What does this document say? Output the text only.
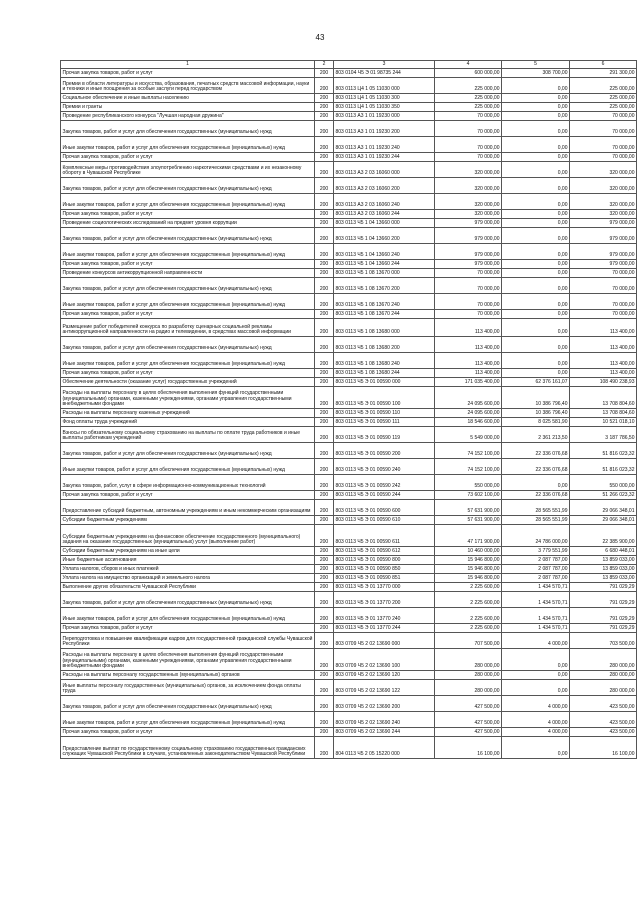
43
1	2	3	4	5	6
Прочая закупка товаров, работ и услуг	200	803 0104 Ч5 Э 01 98735 244	600 000,00	308 700,00	291 300,00
Премии в области литературы и искусства, образования, печатных средств массовой информации, науки и техники и иные поощрения за особые заслуги перед государством	200	803 0113 Ц4 1 05 11030 000	225 000,00	0,00	225 000,00
Социальное обеспечение и иные выплаты населению	200	803 0113 Ц4 1 05 11030 300	225 000,00	0,00	225 000,00
Премии и гранты	200	803 0113 Ц4 1 05 11030 350	225 000,00	0,00	225 000,00
Проведение республиканского конкурса "Лучшая народная дружина"	200	803 0113 А3 1 01 19230 000	70 000,00	0,00	70 000,00
Закупка товаров, работ и услуг для обеспечения государственных (муниципальных) нужд	200	803 0113 А3 1 01 19230 200	70 000,00	0,00	70 000,00
Иные закупки товаров, работ и услуг для обеспечения государственных (муниципальных) нужд	200	803 0113 А3 1 01 19230 240	70 000,00	0,00	70 000,00
Прочая закупка товаров, работ и услуг	200	803 0113 А3 1 01 19230 244	70 000,00	0,00	70 000,00
Комплексные меры противодействия злоупотреблению наркотическими средствами и их незаконному обороту в Чувашской Республике	200	803 0113 А3 2 03 16060 000	320 000,00	0,00	320 000,00
Закупка товаров, работ и услуг для обеспечения государственных (муниципальных) нужд	200	803 0113 А3 2 03 16060 200	320 000,00	0,00	320 000,00
Иные закупки товаров, работ и услуг для обеспечения государственных (муниципальных) нужд	200	803 0113 А3 2 03 16060 240	320 000,00	0,00	320 000,00
Прочая закупка товаров, работ и услуг	200	803 0113 А3 2 03 16060 244	320 000,00	0,00	320 000,00
Проведение социологических исследований на предмет уровня коррупции	200	803 0113 Ч5 1 04 13660 000	979 000,00	0,00	979 000,00
Закупка товаров, работ и услуг для обеспечения государственных (муниципальных) нужд	200	803 0113 Ч5 1 04 13660 200	979 000,00	0,00	979 000,00
Иные закупки товаров, работ и услуг для обеспечения государственных (муниципальных) нужд	200	803 0113 Ч5 1 04 13660 240	979 000,00	0,00	979 000,00
Прочая закупка товаров, работ и услуг	200	803 0113 Ч5 1 04 13660 244	979 000,00	0,00	979 000,00
Проведение конкурсов антикоррупционной направленности	200	803 0113 Ч5 1 08 13670 000	70 000,00	0,00	70 000,00
Закупка товаров, работ и услуг для обеспечения государственных (муниципальных) нужд	200	803 0113 Ч5 1 08 13670 200	70 000,00	0,00	70 000,00
Иные закупки товаров, работ и услуг для обеспечения государственных (муниципальных) нужд	200	803 0113 Ч5 1 08 13670 240	70 000,00	0,00	70 000,00
Прочая закупка товаров, работ и услуг	200	803 0113 Ч5 1 08 13670 244	70 000,00	0,00	70 000,00
Размещение работ победителей конкурса по разработку сценарных социальной рекламы антикоррупционной направленности на радио и телевидении, в средствах массовой информации	200	803 0113 Ч5 1 08 13680 000	113 400,00	0,00	113 400,00
Закупка товаров, работ и услуг для обеспечения государственных (муниципальных) нужд	200	803 0113 Ч5 1 08 13680 200	113 400,00	0,00	113 400,00
Иные закупки товаров, работ и услуг для обеспечения государственных (муниципальных) нужд	200	803 0113 Ч5 1 08 13680 240	113 400,00	0,00	113 400,00
Прочая закупка товаров, работ и услуг	200	803 0113 Ч5 1 08 13680 244	113 400,00	0,00	113 400,00
Обеспечение деятельности (оказание услуг) государственных учреждений	200	803 0113 Ч5 Э 01 00590 000	171 035 400,00	62 376 161,07	108 490 238,93
Расходы на выплаты персоналу в целях обеспечения выполнения функций государственными (муниципальными) органами, казенными учреждениями, органами управления государственными внебюджетными фондами	200	803 0113 Ч5 Э 01 00590 100	24 095 600,00	10 386 796,40	13 708 804,60
Расходы на выплаты персоналу казенных учреждений	200	803 0113 Ч5 Э 01 00590 110	24 095 600,00	10 386 796,40	13 708 804,60
Фонд оплаты труда учреждений	200	803 0113 Ч5 Э 01 00590 111	18 546 600,00	8 025 581,90	10 521 018,10
Взносы по обязательному социальному страхованию на выплаты по оплате труда работников и иные выплаты работникам учреждений	200	803 0113 Ч5 Э 01 00590 119	5 549 000,00	2 361 213,50	3 187 786,50
Закупка товаров, работ и услуг для обеспечения государственных (муниципальных) нужд	200	803 0113 Ч5 Э 01 00590 200	74 152 100,00	22 336 076,68	51 816 023,32
Иные закупки товаров, работ и услуг для обеспечения государственных (муниципальных) нужд	200	803 0113 Ч5 Э 01 00590 240	74 152 100,00	22 336 076,68	51 816 023,32
Закупка товаров, работ, услуг в сфере информационно-коммуникационных технологий	200	803 0113 Ч5 Э 01 00590 242	550 000,00	0,00	550 000,00
Прочая закупка товаров, работ и услуг	200	803 0113 Ч5 Э 01 00590 244	73 602 100,00	22 336 076,68	51 266 023,32
Предоставление субсидий бюджетным, автономным учреждениям и иным некоммерческим организациям	200	803 0113 Ч5 Э 01 00590 600	57 631 900,00	28 565 551,99	29 066 348,01
Субсидии бюджетным учреждениям	200	803 0113 Ч5 Э 01 00590 610	57 631 900,00	28 565 551,99	29 066 348,01
Субсидии бюджетным учреждениям на финансовое обеспечение государственного (муниципального) задания на оказание государственных (муниципальных) услуг (выполнение работ)	200	803 0113 Ч5 Э 01 00590 611	47 171 900,00	24 786 000,00	22 385 900,00
Субсидии бюджетным учреждениям на иные цели	200	803 0113 Ч5 Э 01 00590 612	10 460 000,00	3 779 551,99	6 680 448,01
Иные бюджетные ассигнования	200	803 0113 Ч5 Э 01 00590 800	15 946 800,00	2 087 787,00	13 859 033,00
Уплата налогов, сборов и иных платежей	200	803 0113 Ч5 Э 01 00590 850	15 946 800,00	2 087 787,00	13 859 033,00
Уплата налога на имущество организаций и земельного налога	200	803 0113 Ч5 Э 01 00590 851	15 946 800,00	2 087 787,00	13 859 033,00
Выполнение других обязательств Чувашской Республики	200	803 0113 Ч5 Э 01 13770 000	2 225 600,00	1 434 570,71	791 029,29
Закупка товаров, работ и услуг для обеспечения государственных (муниципальных) нужд	200	803 0113 Ч5 Э 01 13770 200	2 225 600,00	1 434 570,71	791 029,29
Иные закупки товаров, работ и услуг для обеспечения государственных (муниципальных) нужд	200	803 0113 Ч5 Э 01 13770 240	2 225 600,00	1 434 570,71	791 029,29
Прочая закупка товаров, работ и услуг	200	803 0113 Ч5 Э 01 13770 244	2 225 600,00	1 434 570,71	791 029,29
Переподготовка и повышение квалификации кадров для государственной гражданской службы Чувашской Республики	200	803 0709 Ч5 2 02 13690 000	707 500,00	4 000,00	703 500,00
Расходы на выплаты персоналу в целях обеспечения выполнения функций государственными (муниципальными) органами, казенными учреждениями, органами управления государственными внебюджетными фондами	200	803 0709 Ч5 2 02 13690 100	280 000,00	0,00	280 000,00
Расходы на выплаты персоналу государственных (муниципальных) органов	200	803 0709 Ч5 2 02 13690 120	280 000,00	0,00	280 000,00
Иные выплаты персоналу государственных (муниципальных) органов, за исключением фонда оплаты труда	200	803 0709 Ч5 2 02 13690 122	280 000,00	0,00	280 000,00
Закупка товаров, работ и услуг для обеспечения государственных (муниципальных) нужд	200	803 0709 Ч5 2 02 13690 200	427 500,00	4 000,00	423 500,00
Иные закупки товаров, работ и услуг для обеспечения государственных (муниципальных) нужд	200	803 0709 Ч5 2 02 13690 240	427 500,00	4 000,00	423 500,00
Прочая закупка товаров, работ и услуг	200	803 0709 Ч5 2 02 13690 244	427 500,00	4 000,00	423 500,00
Предоставление выплат по государственному социальному страхованию государственных гражданских служащих Чувашской Республики в случаях, установленных законодательством Чувашской Республики	200	804 0113 Ч5 2 05 15220 000	16 100,00	0,00	16 100,00
